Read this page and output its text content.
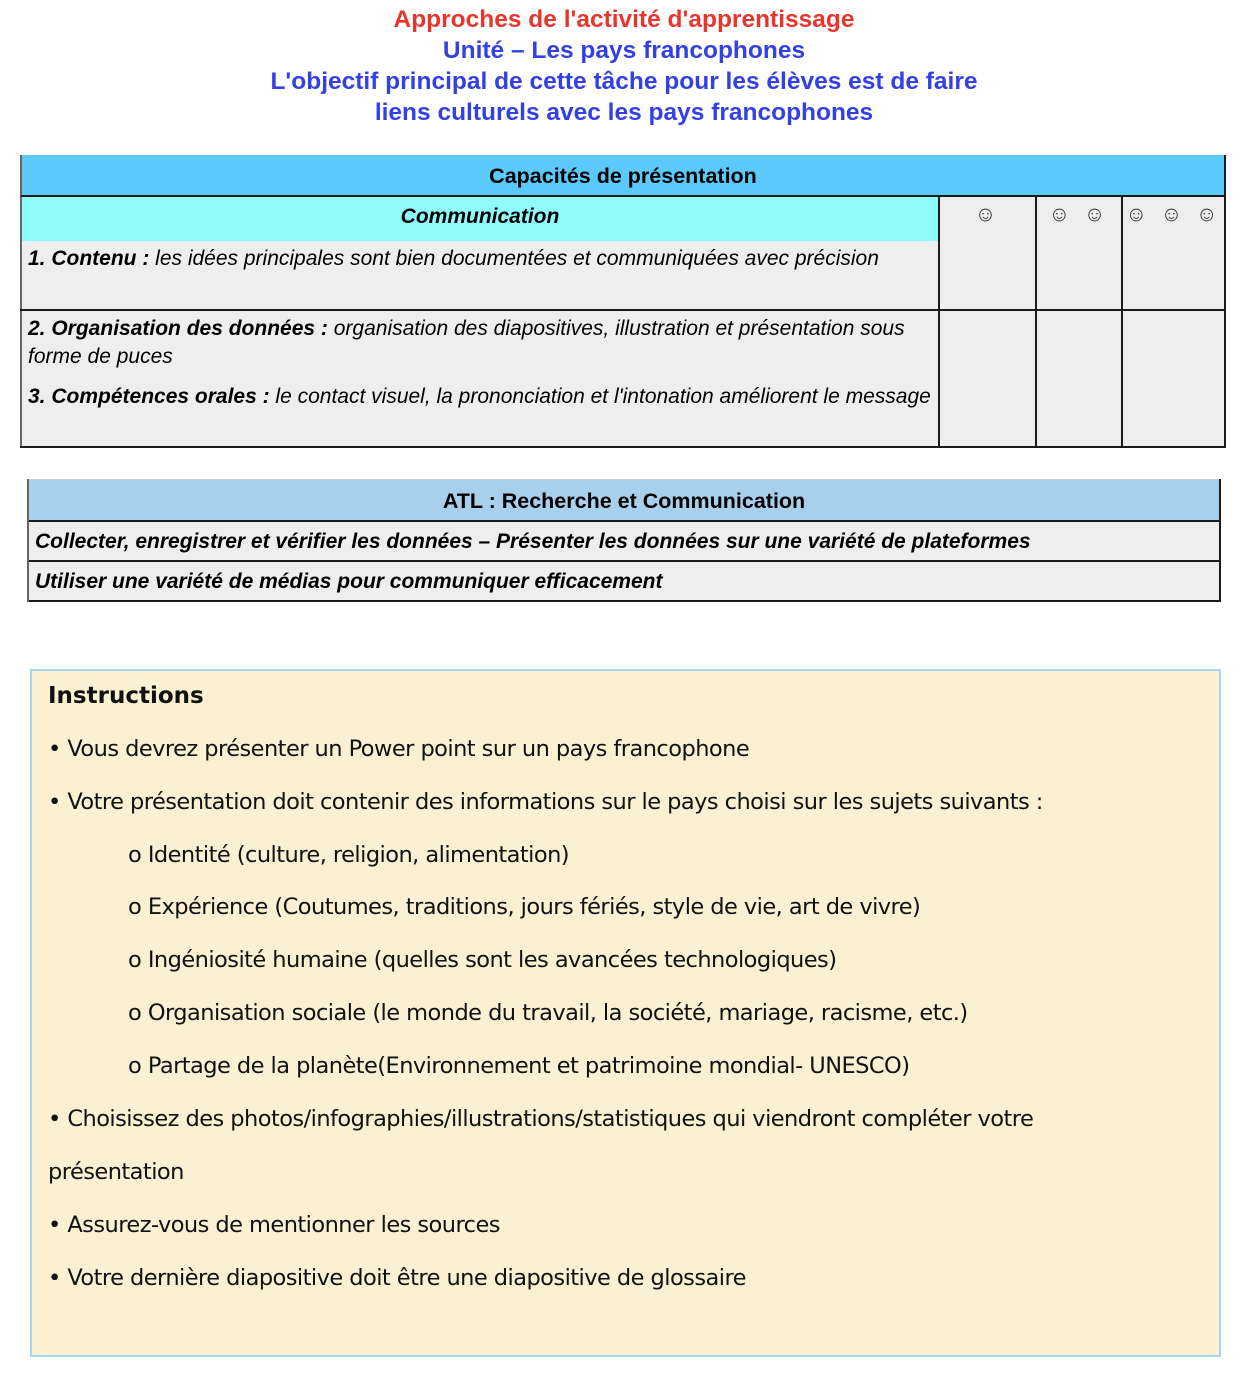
Approches de l'activité d'apprentissage
Unité – Les pays francophones
L'objectif principal de cette tâche pour les élèves est de faire
liens culturels avec les pays francophones
Capacités de présentation
Communication	☺	☺ ☺ ☺ ☺ ☺
1. Contenu : les idées principales sont bien documentées et communiquées avec précision
2. Organisation des données : organisation des diapositives, illustration et présentation sous forme de puces
3. Compétences orales : le contact visuel, la prononciation et l'intonation améliorent le message
ATL : Recherche et Communication
Collecter, enregistrer et vérifier les données – Présenter les données sur une variété de plateformes
Utiliser une variété de médias pour communiquer efficacement
Instructions
• Vous devrez présenter un Power point sur un pays francophone
• Votre présentation doit contenir des informations sur le pays choisi sur les sujets suivants :
o Identité (culture, religion, alimentation)
o Expérience (Coutumes, traditions, jours fériés, style de vie, art de vivre)
o Ingéniosité humaine (quelles sont les avancées technologiques)
o Organisation sociale (le monde du travail, la société, mariage, racisme, etc.)
o Partage de la planète(Environnement et patrimoine mondial- UNESCO)
• Choisissez des photos/infographies/illustrations/statistiques qui viendront compléter votre
présentation
• Assurez-vous de mentionner les sources
• Votre dernière diapositive doit être une diapositive de glossaire
